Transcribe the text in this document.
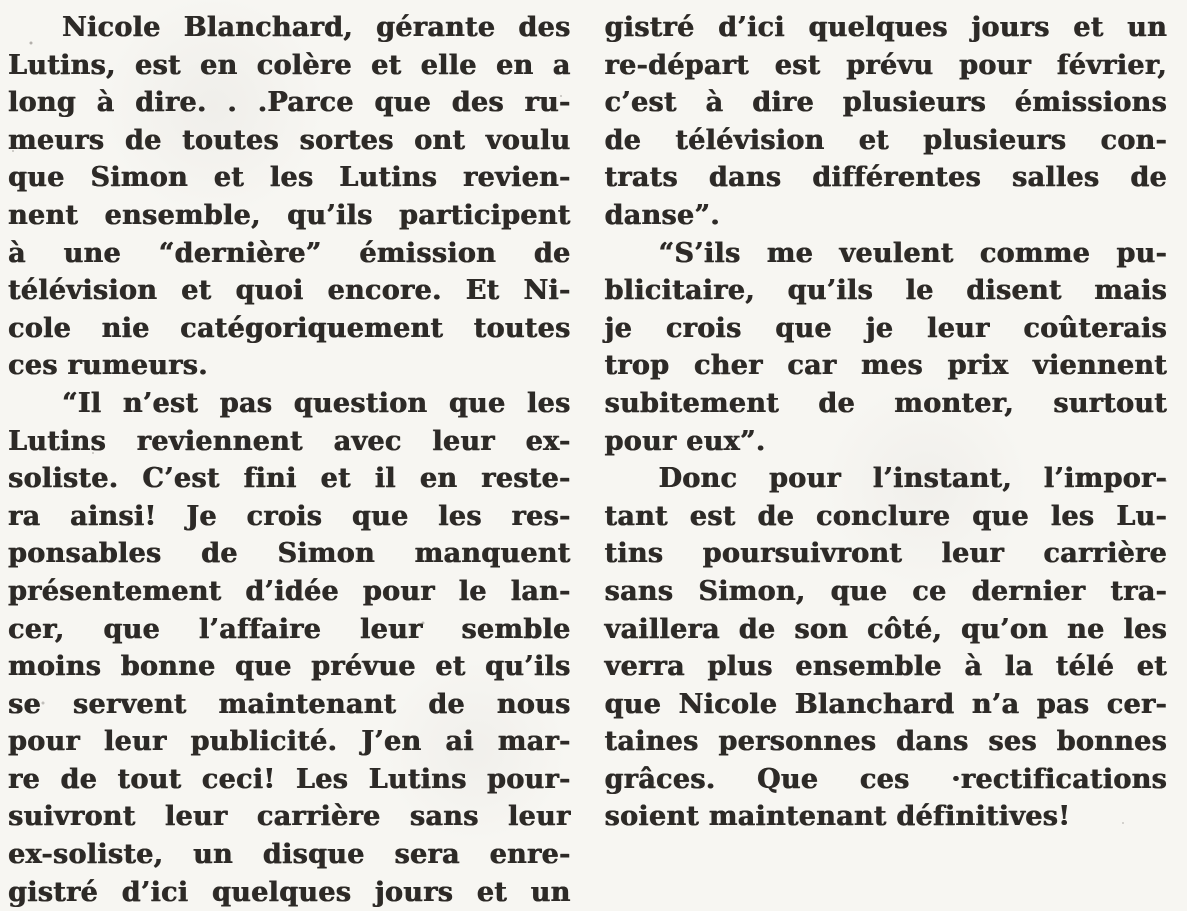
Nicole Blanchard, gérante des
Lutins, est en colère et elle en a
long à dire. . .Parce que des ru-
meurs de toutes sortes ont voulu
que Simon et les Lutins revien-
nent ensemble, qu’ils participent
à une “dernière” émission de
télévision et quoi encore. Et Ni-
cole nie catégoriquement toutes
ces rumeurs.
“Il n’est pas question que les
Lutins reviennent avec leur ex-
soliste. C’est fini et il en reste-
ra ainsi! Je crois que les res-
ponsables de Simon manquent
présentement d’idée pour le lan-
cer, que l’affaire leur semble
moins bonne que prévue et qu’ils
se servent maintenant de nous
pour leur publicité. J’en ai mar-
re de tout ceci! Les Lutins pour-
suivront leur carrière sans leur
ex-soliste, un disque sera enre-
gistré d’ici quelques jours et un
gistré d’ici quelques jours et un
re-départ est prévu pour février,
c’est à dire plusieurs émissions
de télévision et plusieurs con-
trats dans différentes salles de
danse”.
“S’ils me veulent comme pu-
blicitaire, qu’ils le disent mais
je crois que je leur coûterais
trop cher car mes prix viennent
subitement de monter, surtout
pour eux”.
Donc pour l’instant, l’impor-
tant est de conclure que les Lu-
tins poursuivront leur carrière
sans Simon, que ce dernier tra-
vaillera de son côté, qu’on ne les
verra plus ensemble à la télé et
que Nicole Blanchard n’a pas cer-
taines personnes dans ses bonnes
grâces. Que ces ·rectifications
soient maintenant définitives!
